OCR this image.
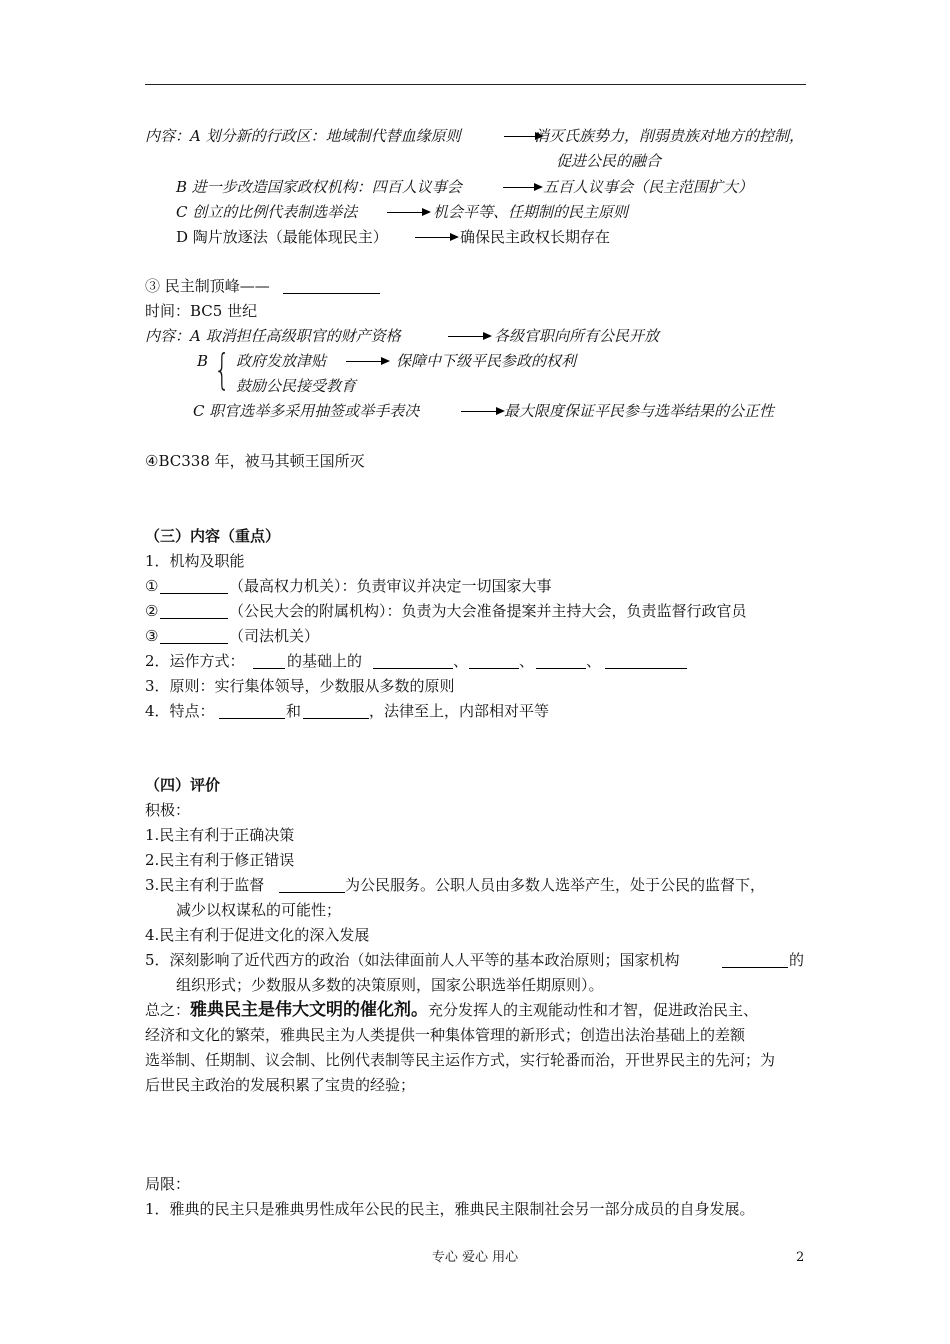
内容：A 划分新的行政区：地域制代替血缘原则	消灭氏族势力，削弱贵族对地方的控制，
促进公民的融合
B 进一步改造国家政权机构：四百人议事会	五百人议事会（民主范围扩大）
C 创立的比例代表制选举法	机会平等、任期制的民主原则
D 陶片放逐法（最能体现民主）	确保民主政权长期存在
③ 民主制顶峰——
时间：BC5 世纪
内容：A 取消担任高级职官的财产资格	各级官职向所有公民开放
B { 政府发放津贴	保障中下级平民参政的权利
鼓励公民接受教育
C 职官选举多采用抽签或举手表决	最大限度保证平民参与选举结果的公正性
④BC338 年，被马其顿王国所灭
（三）内容（重点）
1．机构及职能
①	（最高权力机关）：负责审议并决定一切国家大事
②	（公民大会的附属机构）：负责为大会准备提案并主持大会，负责监督行政官员
③	（司法机关）
2．运作方式：	的基础上的	、	、	、
3．原则：实行集体领导，少数服从多数的原则
4．特点：	和	，法律至上，内部相对平等
（四）评价
积极：
1.民主有利于正确决策
2.民主有利于修正错误
3.民主有利于监督	为公民服务。公职人员由多数人选举产生，处于公民的监督下，
减少以权谋私的可能性；
4.民主有利于促进文化的深入发展
5．深刻影响了近代西方的政治（如法律面前人人平等的基本政治原则；国家机构	的
组织形式；少数服从多数的决策原则，国家公职选举任期原则）。
总之：雅典民主是伟大文明的催化剂。充分发挥人的主观能动性和才智，促进政治民主、
经济和文化的繁荣，雅典民主为人类提供一种集体管理的新形式；创造出法治基础上的差额
选举制、任期制、议会制、比例代表制等民主运作方式，实行轮番而治，开世界民主的先河；为
后世民主政治的发展积累了宝贵的经验；
局限：
1．雅典的民主只是雅典男性成年公民的民主，雅典民主限制社会另一部分成员的自身发展。
专心 爱心 用心	2
